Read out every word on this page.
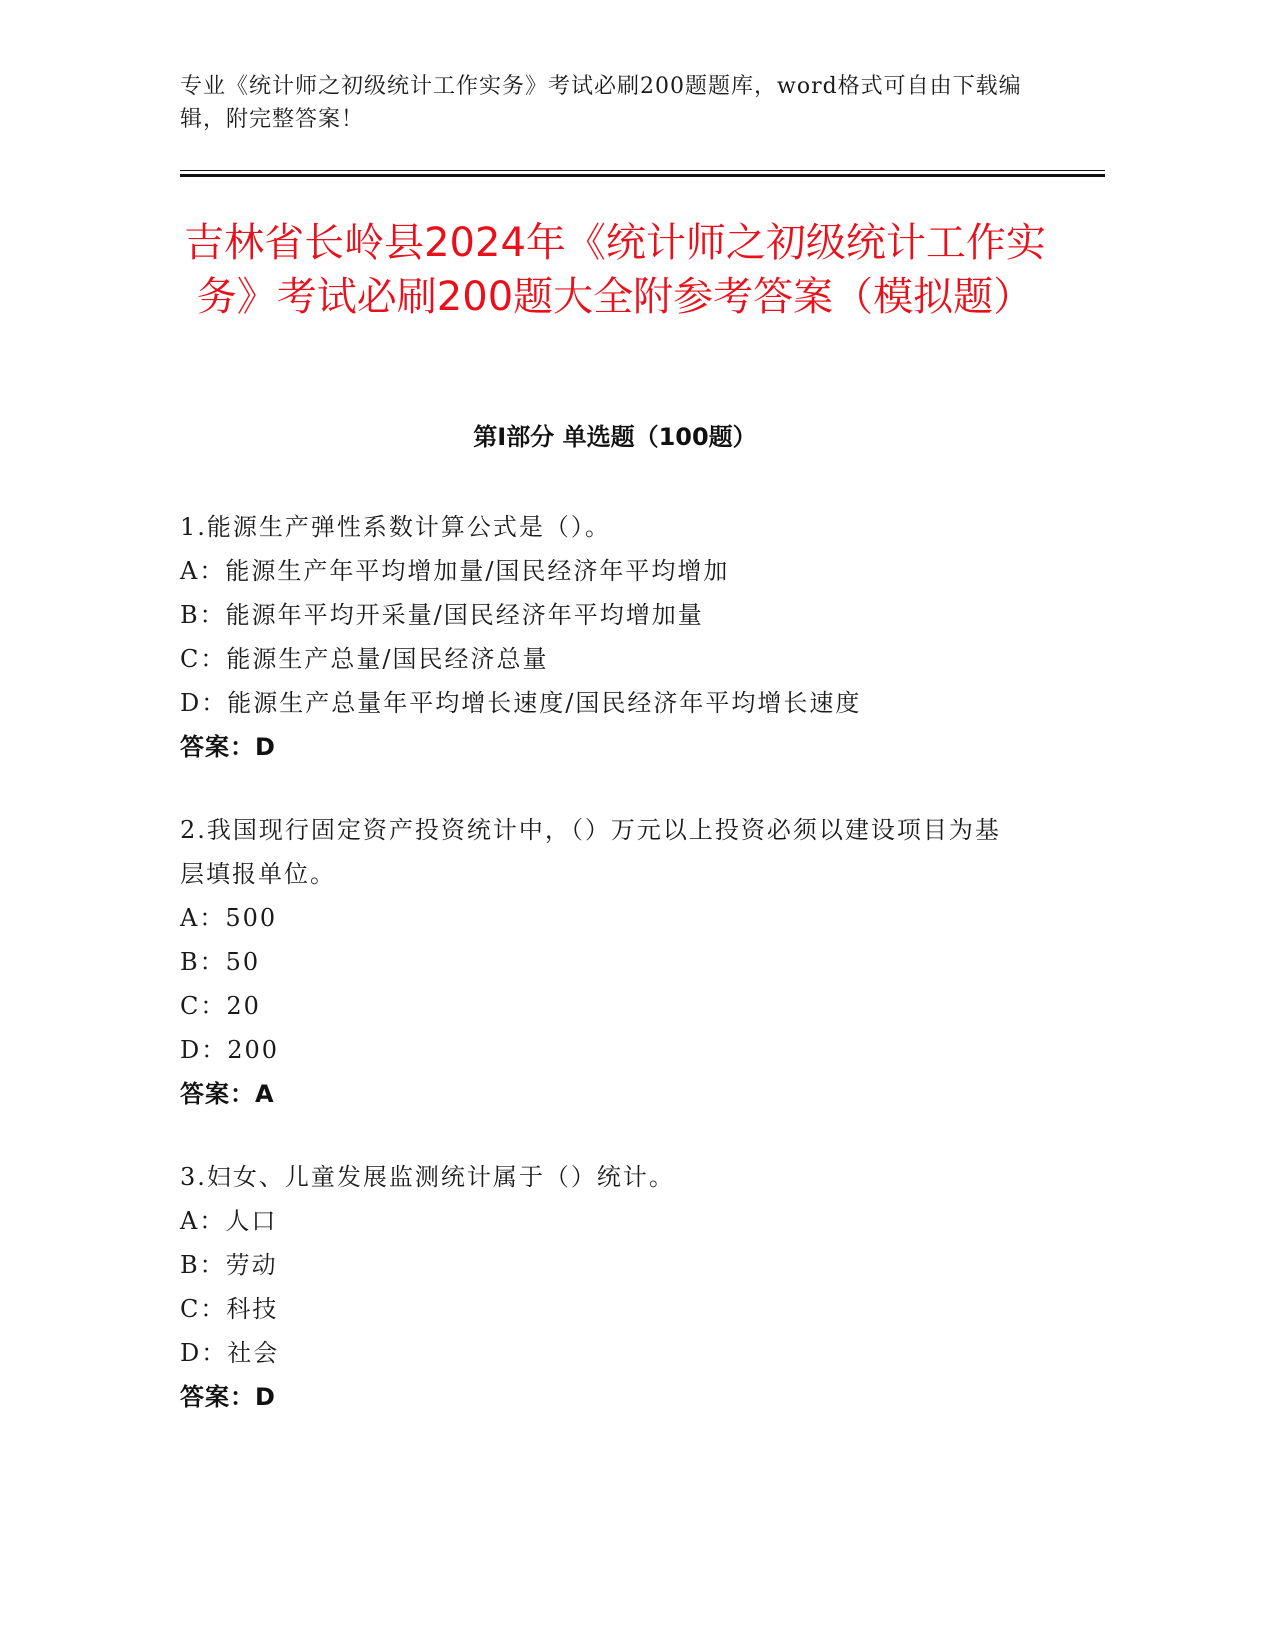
专业《统计师之初级统计工作实务》考试必刷200题题库，word格式可自由下载编辑，附完整答案！
吉林省长岭县2024年《统计师之初级统计工作实务》考试必刷200题大全附参考答案（模拟题）
第Ⅰ部分 单选题（100题）
1.能源生产弹性系数计算公式是（）。
A：能源生产年平均增加量/国民经济年平均增加
B：能源年平均开采量/国民经济年平均增加量
C：能源生产总量/国民经济总量
D：能源生产总量年平均增长速度/国民经济年平均增长速度
答案：D
2.我国现行固定资产投资统计中，（）万元以上投资必须以建设项目为基层填报单位。
A：500
B：50
C：20
D：200
答案：A
3.妇女、儿童发展监测统计属于（）统计。
A：人口
B：劳动
C：科技
D：社会
答案：D
